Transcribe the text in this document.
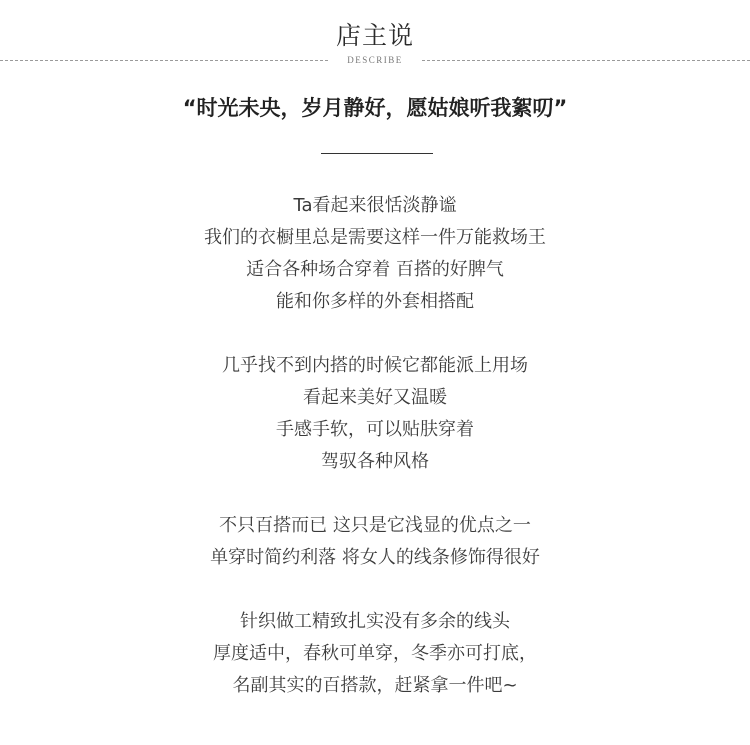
店主说
DESCRIBE
“时光未央，岁月静好，愿姑娘听我絮叨”
Ta看起来很恬淡静谧
我们的衣橱里总是需要这样一件万能救场王
适合各种场合穿着 百搭的好脾气
能和你多样的外套相搭配
几乎找不到内搭的时候它都能派上用场
看起来美好又温暖
手感手软，可以贴肤穿着
驾驭各种风格
不只百搭而已 这只是它浅显的优点之一
单穿时简约利落 将女人的线条修饰得很好
针织做工精致扎实没有多余的线头
厚度适中，春秋可单穿，冬季亦可打底，
名副其实的百搭款，赶紧拿一件吧~
